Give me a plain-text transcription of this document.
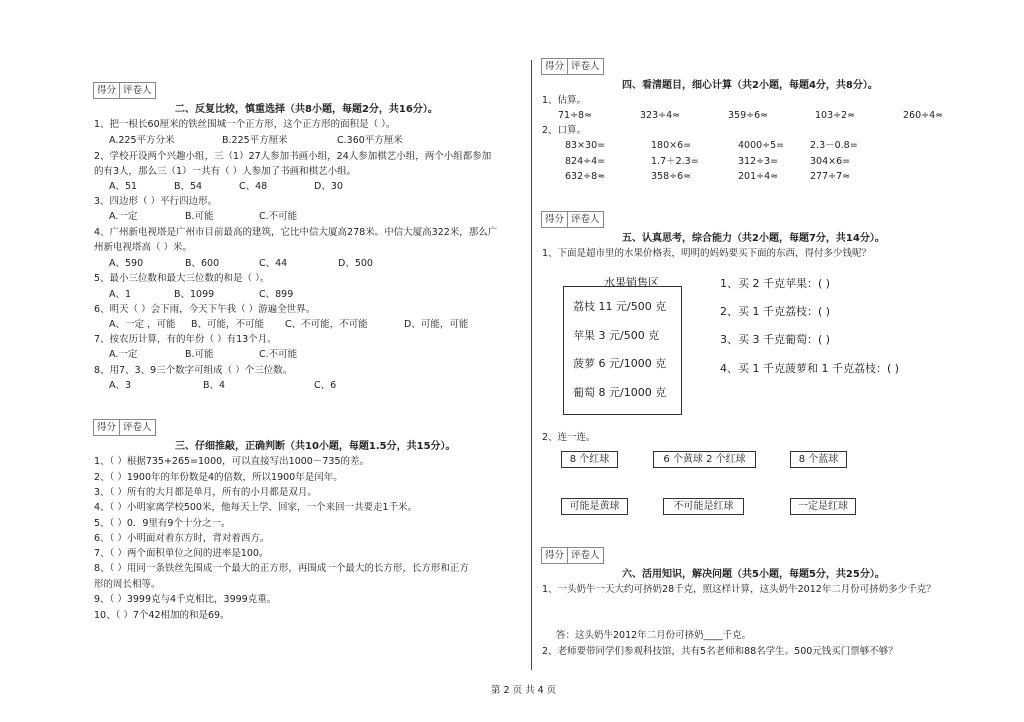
得分 评卷人
二、反复比较，慎重选择（共8小题，每题2分，共16分）。
1、把一根长60厘米的铁丝围城一个正方形，这个正方形的面积是（ ）。
A.225平方分米	B.225平方厘米	C.360平方厘米
2、学校开设两个兴趣小组，三（1）27人参加书画小组，24人参加棋艺小组，两个小组都参加
的有3人，那么三（1）一共有（ ）人参加了书画和棋艺小组。
A、51	B、54	C、48	D、30
3、四边形（ ）平行四边形。
A.一定	B.可能	C.不可能
4、广州新电视塔是广州市目前最高的建筑，它比中信大厦高278米。中信大厦高322米，那么广
州新电视塔高（ ）米。
A、590	B、600	C、44	D、500
5、最小三位数和最大三位数的和是（ ）。
A、1	B、1099	C、899
6、明天（ ）会下雨，今天下午我（ ）游遍全世界。
A、一定 ，可能 B、可能，不可能 C、不可能，不可能	D、可能，可能
7、按农历计算，有的年份（ ）有13个月。
A.一定	B.可能	C.不可能
8、用7、3、9三个数字可组成（ ）个三位数。
A、3	B、4	C、6
得分 评卷人
三、仔细推敲，正确判断（共10小题，每题1.5分，共15分）。
1、（ ）根据735+265=1000，可以直接写出1000－735的差。
2、（ ）1900年的年份数是4的倍数，所以1900年是闰年。
3、（ ）所有的大月都是单月，所有的小月都是双月。
4、（ ）小明家离学校500米，他每天上学、回家，一个来回一共要走1千米。
5、（ ）0．9里有9个十分之一。
6、（ ）小明面对着东方时，背对着西方。
7、（ ）两个面积单位之间的进率是100。
8、（ ）用同一条铁丝先围成一个最大的正方形，再围成一个最大的长方形，长方形和正方
形的周长相等。
9、（ ）3999克与4千克相比，3999克重。
10、（ ）7个42相加的和是69。
得分 评卷人
四、看清题目，细心计算（共2小题，每题4分，共8分）。
1、估算。
71÷8≈	323÷4≈	359÷6≈	103÷2≈	260÷4≈
2、口算。
83×30=	180×6=	4000÷5=	2.3－0.8=
824÷4=	1.7＋2.3=	312÷3=	304×6=
632÷8≈	358÷6≈	201÷4≈	277÷7≈
得分 评卷人
五、认真思考，综合能力（共2小题，每题7分，共14分）。
1、下面是超市里的水果价格表，明明的妈妈要买下面的东西，得付多少钱呢？
水果销售区
荔枝 11 元/500 克
苹果 3 元/500 克
菠萝 6 元/1000 克
葡萄 8 元/1000 克
1、买 2 千克苹果：( )
2、买 1 千克荔枝：( )
3、买 3 千克葡萄：( )
4、买 1 千克菠萝和 1 千克荔枝：( )
2、连一连。
8 个红球	6 个黄球 2 个红球	8 个蓝球
可能是黄球	不可能是红球	一定是红球
得分 评卷人
六、活用知识，解决问题（共5小题，每题5分，共25分）。
1、一头奶牛一天大约可挤奶28千克，照这样计算，这头奶牛2012年二月份可挤奶多少千克？
答：这头奶牛2012年二月份可挤奶____千克。
2、老师要带同学们参观科技馆，共有5名老师和88名学生。500元钱买门票够不够？
第 2 页 共 4 页
